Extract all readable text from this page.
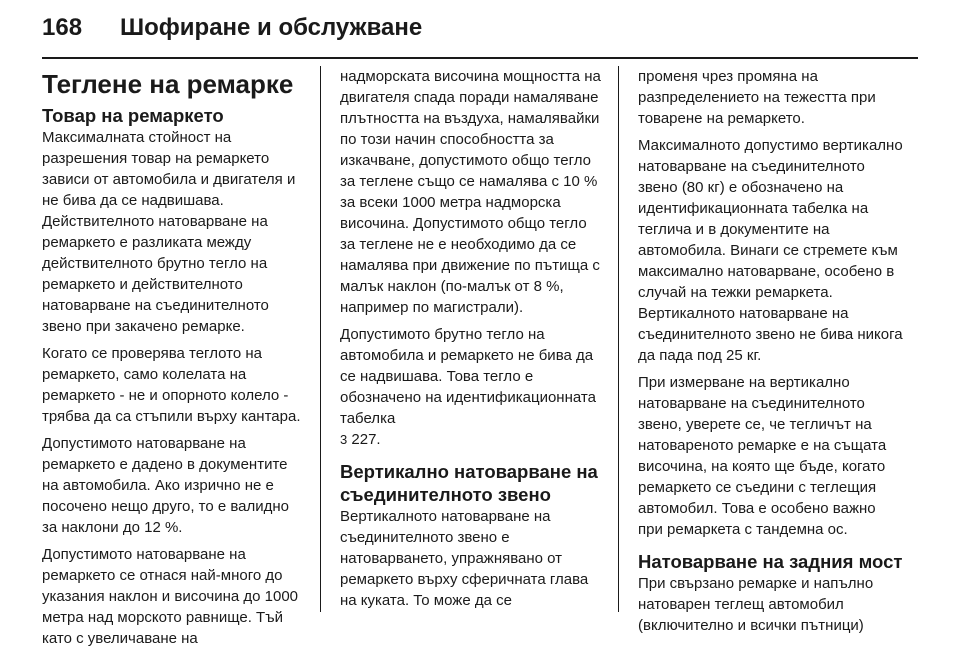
168	Шофиране и обслужване
Теглене на ремарке
Товар на ремаркето

Максималната стойност на разрешения товар на ремаркето зависи от автомобила и двигателя и не бива да се надвишава. Действителното натоварване на ремаркето е разликата между действителното брутно тегло на ремаркето и действителното натоварване на съединителното звено при закачено ремарке.

Когато се проверява теглото на ремаркето, само колелата на ремаркето - не и опорното колело - трябва да са стъпили върху кантара.

Допустимото натоварване на ремаркето е дадено в документите на автомобила. Ако изрично не е посочено нещо друго, то е валидно за наклони до 12 %.

Допустимото натоварване на ремаркето се отнася най-много до указания наклон и височина до 1000 метра над морското равнище. Тъй като с увеличаване на

надморската височина мощността на двигателя спада поради намаляване плътността на въздуха, намалявайки по този начин способността за изкачване, допустимото общо тегло за теглене също се намалява с 10 % за всеки 1000 метра надморска височина. Допустимото общо тегло за теглене не е необходимо да се намалява при движение по пътища с малък наклон (по-малък от 8 %, например по магистрали).

Допустимото брутно тегло на автомобила и ремаркето не бива да се надвишава. Това тегло е обозначено на идентификационната табелка
3 227.

Вертикално натоварване на съединителното звено

Вертикалното натоварване на съединителното звено е натоварването, упражнявано от ремаркето върху сферичната глава на куката. То може да се

променя чрез промяна на разпределението на тежестта при товарене на ремаркето.

Максималното допустимо вертикално натоварване на съединителното звено (80 кг) е обозначено на идентификационната табелка на теглича и в документите на автомобила. Винаги се стремете към максимално натоварване, особено в случай на тежки ремаркета. Вертикалното натоварване на съединителното звено не бива никога да пада под 25 кг.

При измерване на вертикално натоварване на съединителното звено, уверете се, че тегличът на натовареното ремарке е на същата височина, на която ще бъде, когато ремаркето се съедини с теглещия автомобил. Това е особено важно при ремаркета с тандемна ос.

Натоварване на задния мост

При свързано ремарке и напълно натоварен теглещ автомобил (включително и всички пътници)
